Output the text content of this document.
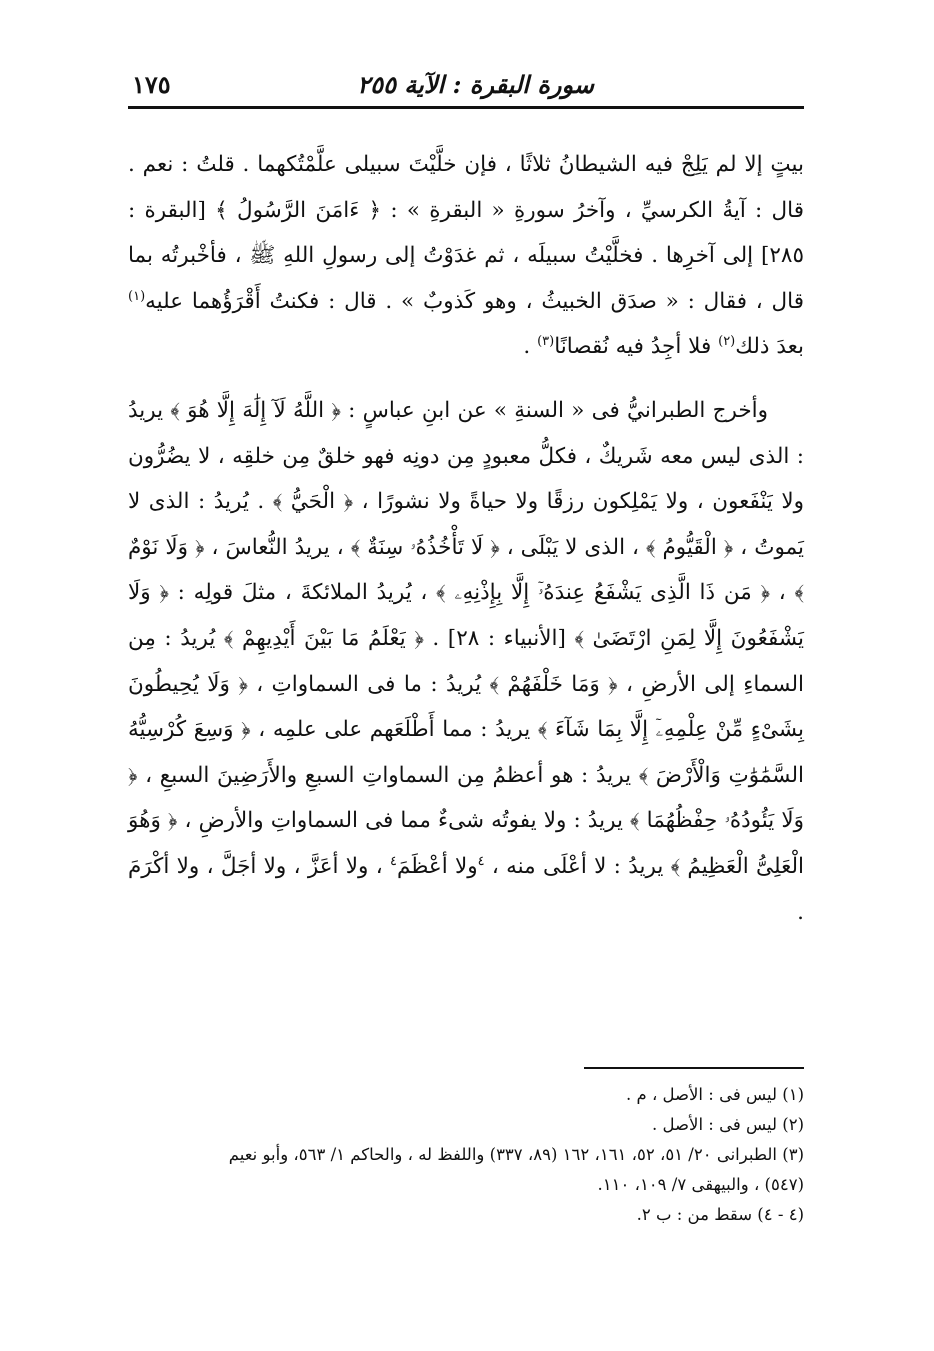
١٧٥	سورة البقرة : الآية ٢٥٥

بيتٍ إلا لم يَلِجْ فيه الشيطانُ ثلاثًا ، فإن خلَّيْتَ سبيلى علَّمْتُكهما . قلتُ : نعم . قال : آيةُ الكرسيِّ ، وآخرُ سورةِ « البقرةِ » : ﴿ ءَامَنَ الرَّسُولُ ﴾ [البقرة : ٢٨٥] إلى آخرِها . فخلَّيْتُ سبيلَه ، ثم غدَوْتُ إلى رسولِ اللهِ ﷺ ، فأخْبرتُه بما قال ، فقال : « صدَق الخبيثُ ، وهو كَذوبٌ » . قال : فكنتُ أَقْرَؤُهما عليه$^{(١)}$ بعدَ ذلك$^{(٢)}$ فلا أجِدُ فيه نُقصانًا$^{(٣)}$ .

وأخرج الطبرانيُّ فى « السنةِ » عن ابنِ عباسٍ : ﴿ اللَّهُ لَآ إِلَٰهَ إِلَّا هُوَ ﴾ يريدُ : الذى ليس معه شَريكٌ ، فكلُّ معبودٍ مِن دونِه فهو خلقٌ مِن خلقِه ، لا يضُرُّون ولا يَنْفَعون ، ولا يَمْلِكون رزقًا ولا حياةً ولا نشورًا ، ﴿ الْحَيُّ ﴾ . يُريدُ : الذى لا يَموتُ ، ﴿ الْقَيُّومُ ﴾ ، الذى لا يَبْلَى ، ﴿ لَا تَأْخُذُهُۥ سِنَةٌ ﴾ ، يريدُ النُّعاسَ ، ﴿ وَلَا نَوْمٌ ﴾ ، ﴿ مَن ذَا الَّذِى يَشْفَعُ عِندَهُۥٓ إِلَّا بِإِذْنِهِۦ ﴾ ، يُريدُ الملائكةَ ، مثلَ قولِه : ﴿ وَلَا يَشْفَعُونَ إِلَّا لِمَنِ ارْتَضَىٰ ﴾ [الأنبياء : ٢٨] . ﴿ يَعْلَمُ مَا بَيْنَ أَيْدِيهِمْ ﴾ يُريدُ : مِن السماءِ إلى الأرضِ ، ﴿ وَمَا خَلْفَهُمْ ﴾ يُريدُ : ما فى السماواتِ ، ﴿ وَلَا يُحِيطُونَ بِشَىْءٍ مِّنْ عِلْمِهِۦٓ إِلَّا بِمَا شَآءَ ﴾ يريدُ : مما أَطْلَعَهم على علمِه ، ﴿ وَسِعَ كُرْسِيُّهُ السَّمَٰوَٰتِ وَالْأَرْضَ ﴾ يريدُ : هو أعظمُ مِن السماواتِ السبعِ والأَرَضِينَ السبعِ ، ﴿ وَلَا يَئُودُهُۥ حِفْظُهُمَا ﴾ يريدُ : ولا يفوتُه شىءٌ مما فى السماواتِ والأرضِ ، ﴿ وَهُوَ الْعَلِىُّ الْعَظِيمُ ﴾ يريدُ : لا أعْلَى منه ، $^٤$ولا أعْظَمَ$^٤$ ، ولا أعَزَّ ، ولا أجَلَّ ، ولا أكْرَمَ .

(١) ليس فى : الأصل ، م .
(٢) ليس فى : الأصل .
(٣) الطبرانى ٢٠/ ٥١، ٥٢، ١٦١، ١٦٢ (٨٩، ٣٣٧) واللفظ له ، والحاكم ١/ ٥٦٣، وأبو نعيم
(٥٤٧) ، والبيهقى ٧/ ١٠٩، ١١٠.
(٤ - ٤) سقط من : ب ٢.
